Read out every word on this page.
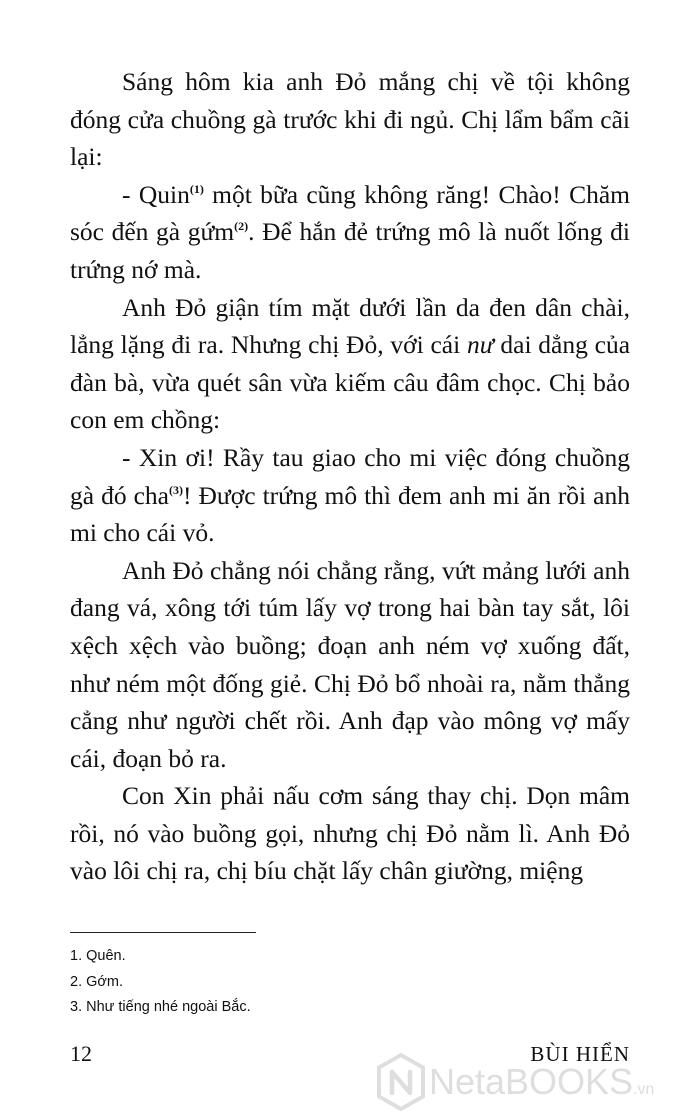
Sáng hôm kia anh Đỏ mắng chị về tội không đóng cửa chuồng gà trước khi đi ngủ. Chị lẩm bẩm cãi lại:

- Quin$^{(1)}$ một bữa cũng không răng! Chào! Chăm sóc đến gà gứm$^{(2)}$. Để hắn đẻ trứng mô là nuốt lống đi trứng nớ mà.

Anh Đỏ giận tím mặt dưới lần da đen dân chài, lẳng lặng đi ra. Nhưng chị Đỏ, với cái nư dai dẳng của đàn bà, vừa quét sân vừa kiếm câu đâm chọc. Chị bảo con em chồng:

- Xin ơi! Rầy tau giao cho mi việc đóng chuồng gà đó cha$^{(3)}$! Được trứng mô thì đem anh mi ăn rồi anh mi cho cái vỏ.

Anh Đỏ chẳng nói chẳng rằng, vứt mảng lưới anh đang vá, xông tới túm lấy vợ trong hai bàn tay sắt, lôi xệch xệch vào buồng; đoạn anh ném vợ xuống đất, như ném một đống giẻ. Chị Đỏ bổ nhoài ra, nằm thẳng cẳng như người chết rồi. Anh đạp vào mông vợ mấy cái, đoạn bỏ ra.

Con Xin phải nấu cơm sáng thay chị. Dọn mâm rồi, nó vào buồng gọi, nhưng chị Đỏ nằm lì. Anh Đỏ vào lôi chị ra, chị bíu chặt lấy chân giường, miệng

1. Quên.
2. Gớm.
3. Như tiếng nhé ngoài Bắc.
12	BÙI HIỂN
NetaBOOKS.vn
